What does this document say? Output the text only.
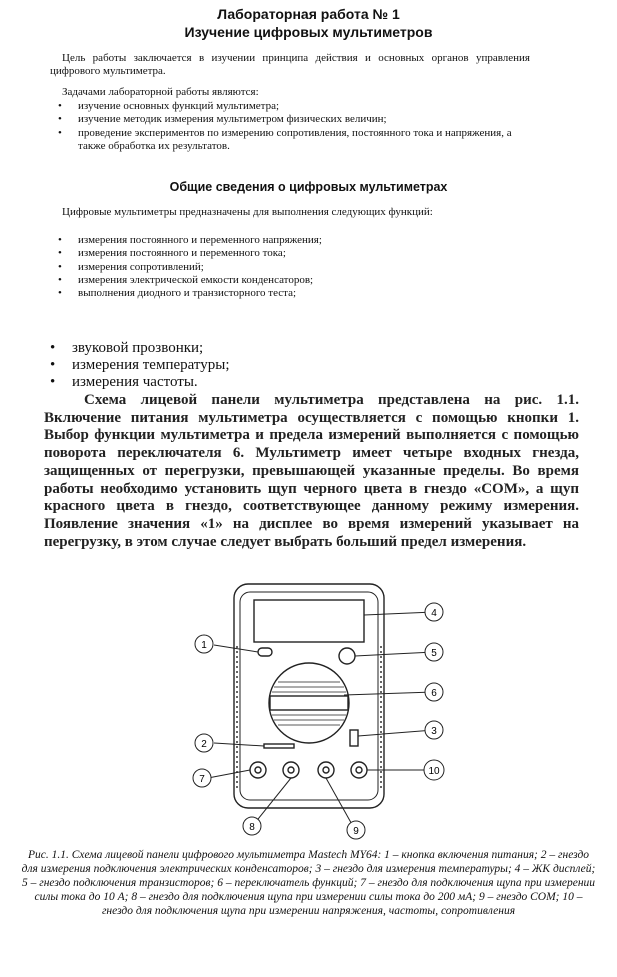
Лабораторная работа № 1
Изучение цифровых мультиметров
Цель работы заключается в изучении принципа действия и основных органов управления цифрового мультиметра.
Задачами лабораторной работы являются:
• изучение основных функций мультиметра;
• изучение методик измерения мультиметром физических величин;
• проведение экспериментов по измерению сопротивления, постоянного тока и напряжения, а также обработка их результатов.
Общие сведения о цифровых мультиметрах
Цифровые мультиметры предназначены для выполнения следующих функций:
• измерения постоянного и переменного напряжения;
• измерения постоянного и переменного тока;
• измерения сопротивлений;
• измерения электрической емкости конденсаторов;
• выполнения диодного и транзисторного теста;
• звуковой прозвонки;
• измерения температуры;
• измерения частоты.
Схема лицевой панели мультиметра представлена на рис. 1.1. Включение питания мультиметра осуществляется с помощью кнопки 1. Выбор функции мультиметра и предела измерений выполняется с помощью поворота переключателя 6. Мультиметр имеет четыре входных гнезда, защищенных от перегрузки, превышающей указанные пределы. Во время работы необходимо установить щуп черного цвета в гнездо «COM», а щуп красного цвета в гнездо, соответствующее данному режиму измерения. Появление значения «1» на дисплее во время измерений указывает на перегрузку, в этом случае следует выбрать больший предел измерения.
1
2
3
4
5
6
7
8	9
10
Рис. 1.1. Схема лицевой панели цифрового мультиметра Mastech MY64: 1 – кнопка включения питания; 2 – гнездо для измерения подключения электрических конденсаторов; 3 – гнездо для измерения температуры; 4 – ЖК дисплей; 5 – гнездо подключения транзисторов; 6 – переключатель функций; 7 – гнездо для подключения щупа при измерении силы тока до 10 А; 8 – гнездо для подключения щупа при измерении силы тока до 200 мА; 9 – гнездо COM; 10 – гнездо для подключения щупа при измерении напряжения, частоты, сопротивления
